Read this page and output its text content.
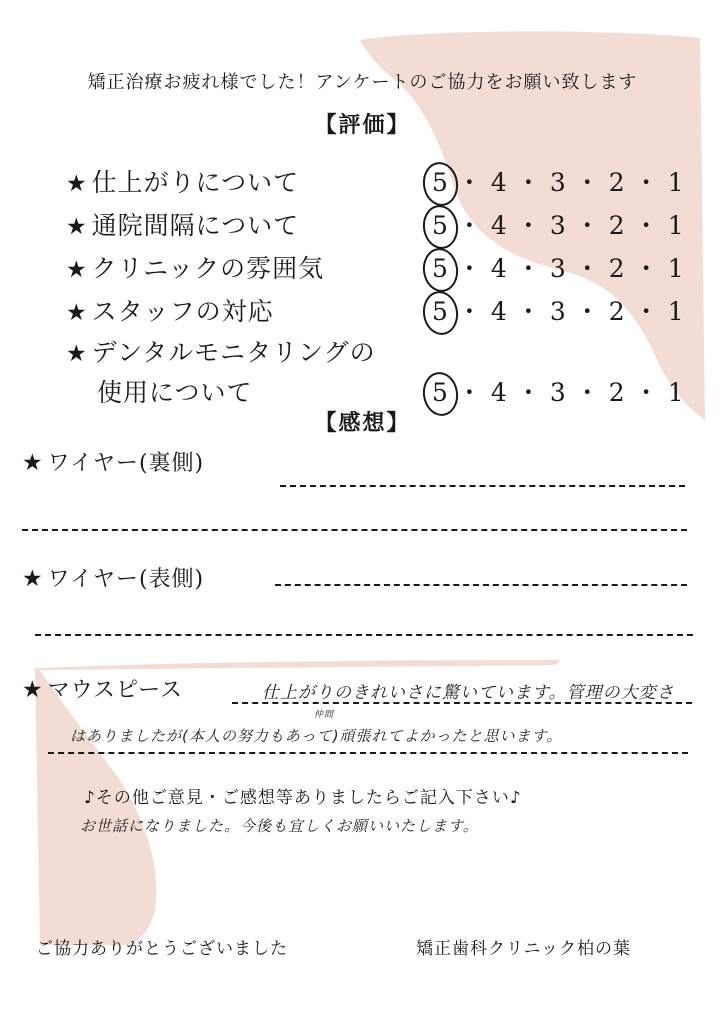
矯正治療お疲れ様でした！アンケートのご協力をお願い致します
【評価】
★ 仕上がりについて	5 ・ 4 ・ 3 ・ 2 ・ 1
★ 通院間隔について	5 ・ 4 ・ 3 ・ 2 ・ 1
★ クリニックの雰囲気	5 ・ 4 ・ 3 ・ 2 ・ 1
★ スタッフの対応	5 ・ 4 ・ 3 ・ 2 ・ 1
★ デンタルモニタリングの
使用について	5 ・ 4 ・ 3 ・ 2 ・ 1
【感想】
★ ワイヤー(裏側)
★ ワイヤー(表側)
★ マウスピース	仕上がりのきれいさに驚いています。管理の大変さ
仲間
はありましたが(本人の努力もあって)頑張れてよかったと思います。
♪その他ご意見・ご感想等ありましたらご記入下さい♪
お世話になりました。今後も宜しくお願いいたします。
ご協力ありがとうございました	矯正歯科クリニック柏の葉
